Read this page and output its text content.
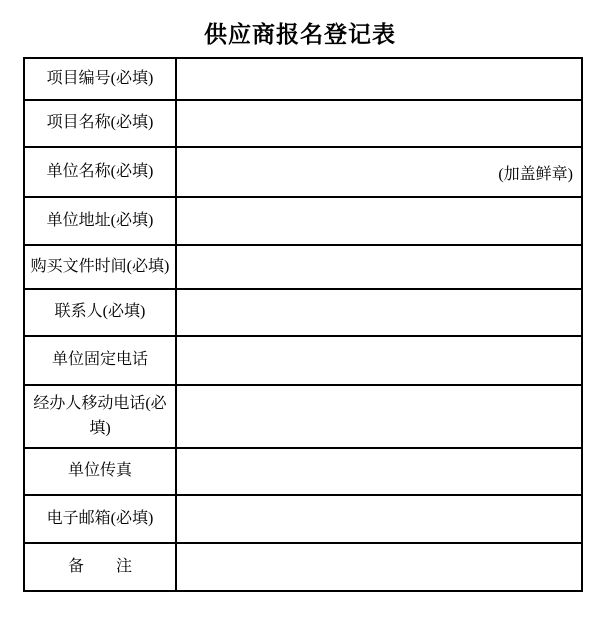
供应商报名登记表
项目编号(必填)	
项目名称(必填)	
单位名称(必填)	(加盖鲜章)

单位地址(必填)	
购买文件时间(必填)	
联系人(必填)	
单位固定电话	
经办人移动电话(必填)	
单位传真	
电子邮箱(必填)	
备　　注	
